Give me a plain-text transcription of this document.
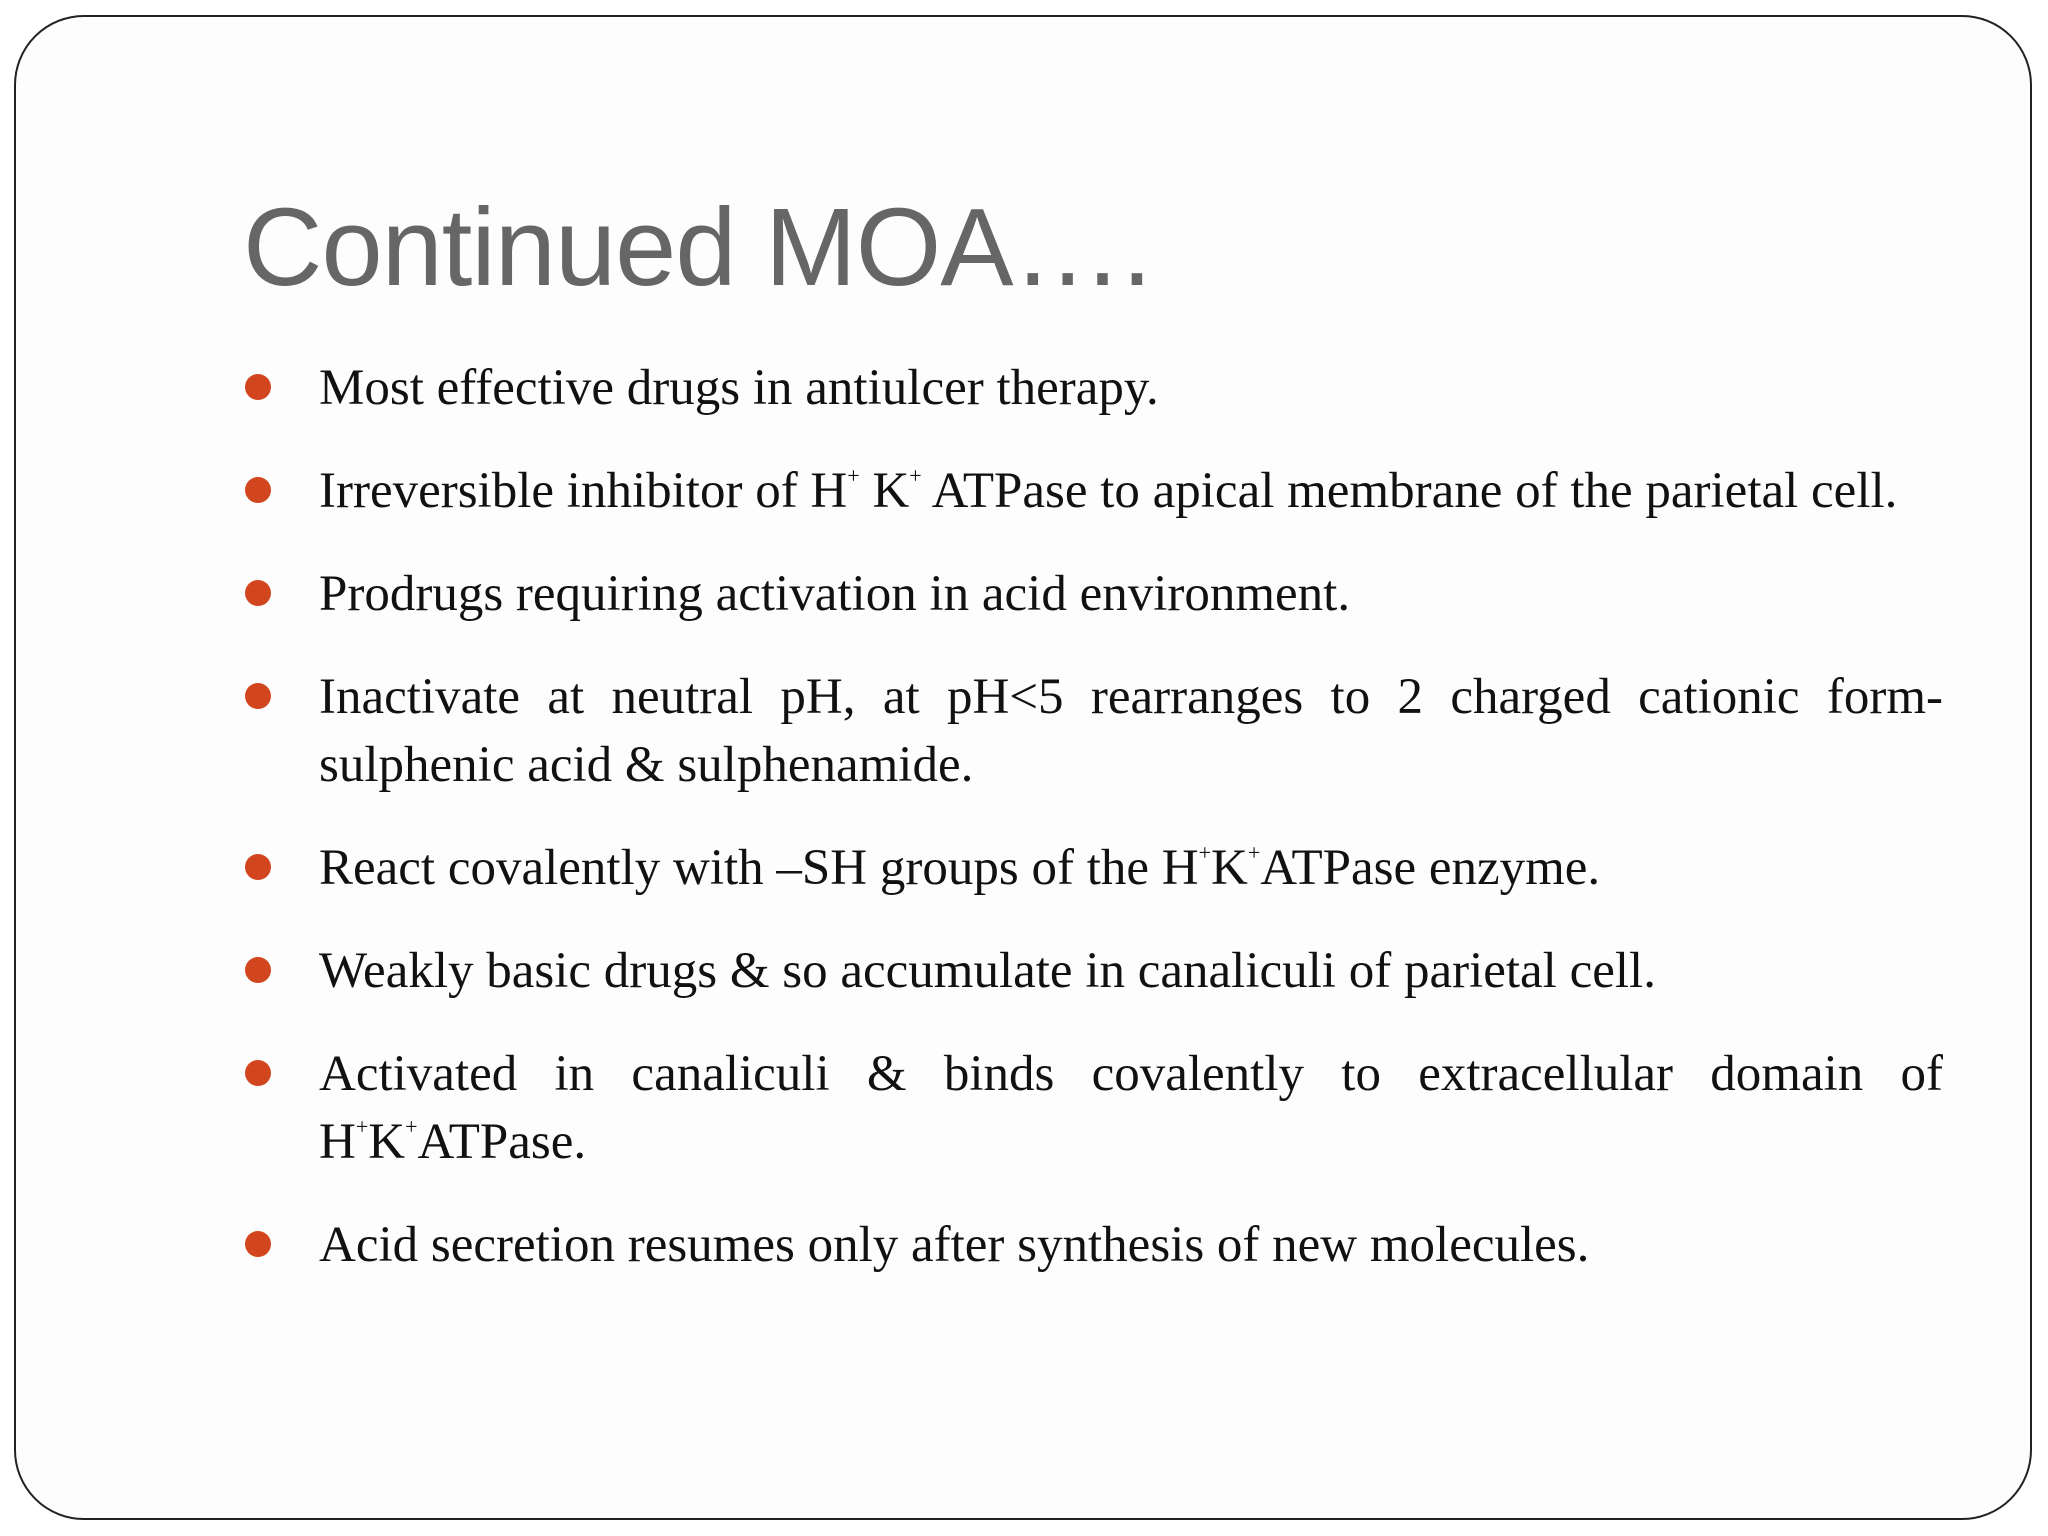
Continued MOA….
Most effective drugs in antiulcer therapy.
Irreversible inhibitor of H+ K+ ATPase to apical membrane of the parietal cell.
Prodrugs requiring activation in acid environment.
Inactivate at neutral pH, at pH<5 rearranges to 2 charged cationic form- sulphenic acid & sulphenamide.
React covalently with –SH groups of the H+K+ATPase enzyme.
Weakly basic drugs & so accumulate in canaliculi of parietal cell.
Activated in canaliculi & binds covalently to extracellular domain of H+K+ATPase.
Acid secretion resumes only after synthesis of new molecules.
